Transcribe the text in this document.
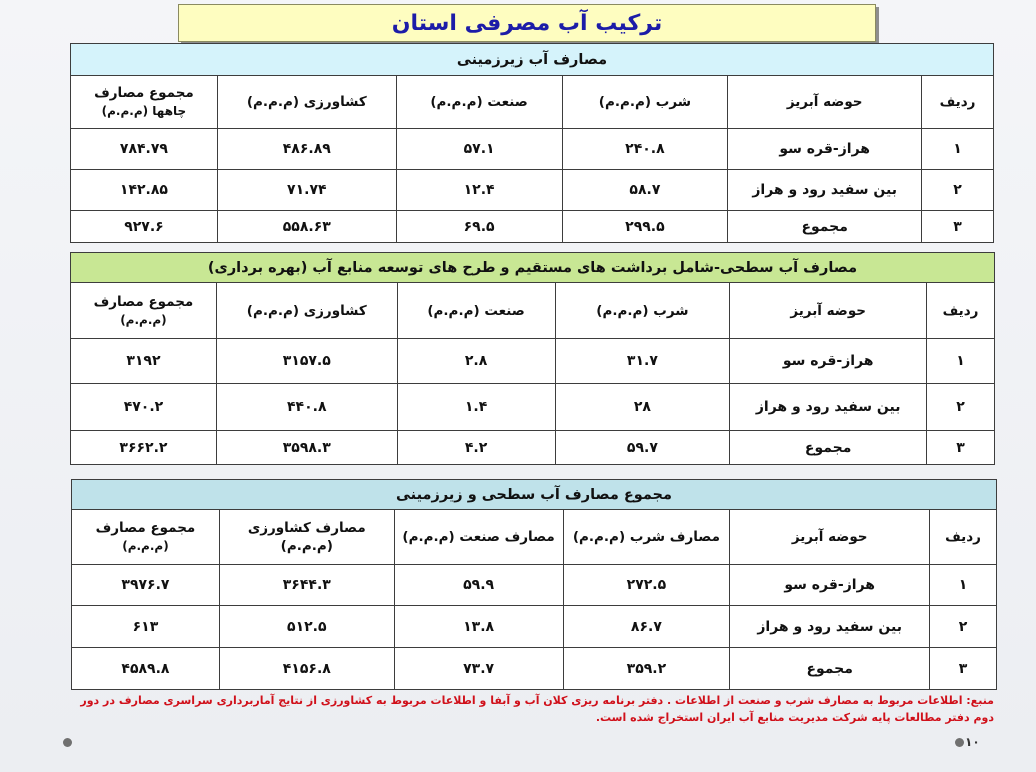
ترکیب آب مصرفی استان
مصارف آب زیرزمینی					
ردیف	حوضه آبریز	شرب (م.م.م)	صنعت (م.م.م)	کشاورزی (م.م.م)	مجموع مصارف
چاهها (م.م.م)

۱	هراز-قره سو	۲۴۰.۸	۵۷.۱	۴۸۶.۸۹	۷۸۴.۷۹
۲	بین سفید رود و هراز	۵۸.۷	۱۲.۴	۷۱.۷۴	۱۴۲.۸۵
۳	مجموع	۲۹۹.۵	۶۹.۵	۵۵۸.۶۳	۹۲۷.۶
مصارف آب سطحی-شامل برداشت های مستقیم و طرح های توسعه منابع آب (بهره برداری)					
ردیف	حوضه آبریز	شرب (م.م.م)	صنعت (م.م.م)	کشاورزی (م.م.م)	مجموع مصارف
(م.م.م)

۱	هراز-قره سو	۳۱.۷	۲.۸	۳۱۵۷.۵	۳۱۹۲
۲	بین سفید رود و هراز	۲۸	۱.۴	۴۴۰.۸	۴۷۰.۲
۳	مجموع	۵۹.۷	۴.۲	۳۵۹۸.۳	۳۶۶۲.۲
مجموع مصارف آب سطحی و زیرزمینی					
ردیف	حوضه آبریز	مصارف شرب (م.م.م)	مصارف صنعت (م.م.م)	مصارف کشاورزی (م.م.م)	مجموع مصارف
(م.م.م)

۱	هراز-قره سو	۲۷۲.۵	۵۹.۹	۳۶۴۴.۳	۳۹۷۶.۷
۲	بین سفید رود و هراز	۸۶.۷	۱۳.۸	۵۱۲.۵	۶۱۳
۳	مجموع	۳۵۹.۲	۷۳.۷	۴۱۵۶.۸	۴۵۸۹.۸
منبع: اطلاعات مربوط به مصارف شرب و صنعت از اطلاعات . دفتر برنامه ریزی کلان آب و آبفا و اطلاعات مربوط به کشاورزی از نتایج آماربرداری سراسری مصارف در دور دوم دفتر مطالعات پایه شرکت مدیریت منابع آب ایران استخراج شده است.
۱۰
